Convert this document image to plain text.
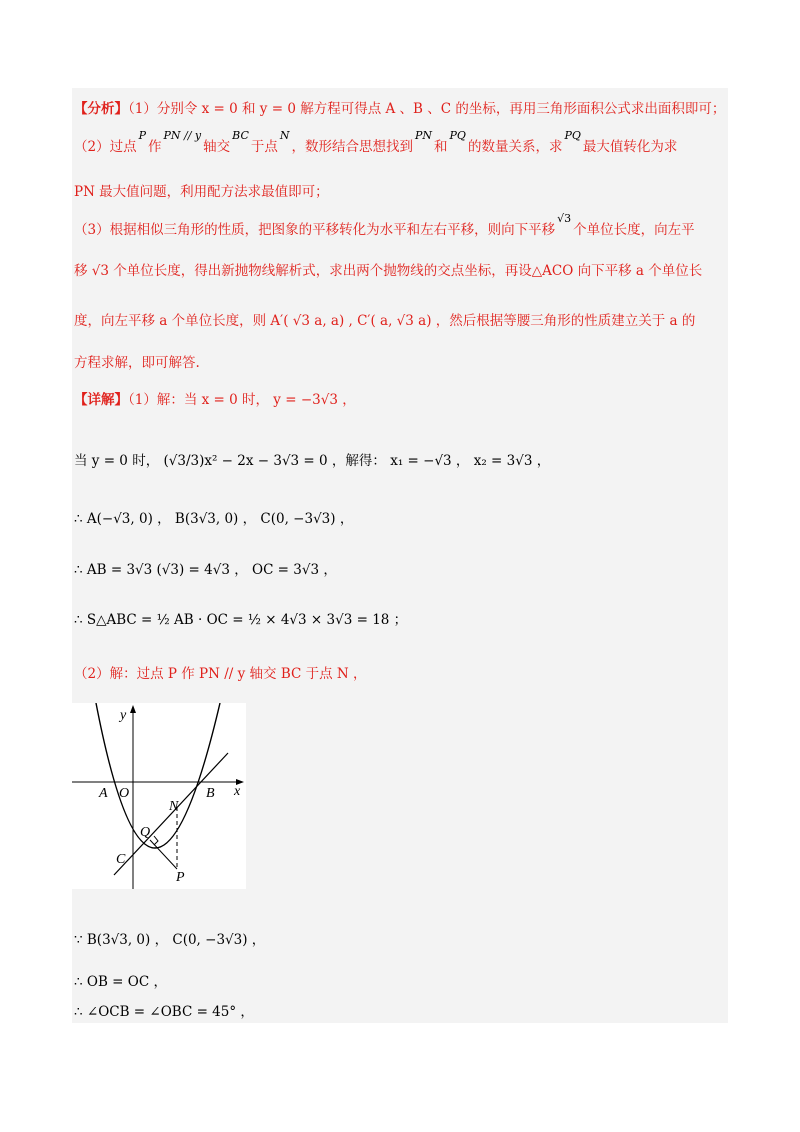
【分析】（1）分别令 x = 0 和 y = 0 解方程可得点 A 、B 、C 的坐标，再用三角形面积公式求出面积即可；
（2）过点$^P$作$^{PN // y}$轴交$^{BC}$于点$^N$，数形结合思想找到$^{PN}$和$^{PQ}$的数量关系，求$^{PQ}$最大值转化为求
PN 最大值问题，利用配方法求最值即可；
（3）根据相似三角形的性质，把图象的平移转化为水平和左右平移，则向下平移$^{√3}$个单位长度，向左平
移 √3 个单位长度，得出新抛物线解析式，求出两个抛物线的交点坐标，再设△ACO 向下平移 a 个单位长
度，向左平移 a 个单位长度，则 A′( √3 a, a) , C′( a, √3 a) ，然后根据等腰三角形的性质建立关于 a 的
方程求解，即可解答.
【详解】（1）解：当 x = 0 时， y = −3√3 ，
当 y = 0 时， (√3/3)x² − 2x − 3√3 = 0 ，解得： x₁ = −√3 ， x₂ = 3√3 ，
∴ A(−√3, 0) ， B(3√3, 0) ， C(0, −3√3) ，
∴ AB = 3√3 (√3) = 4√3 ， OC = 3√3 ，
∴ S△ABC = ½ AB · OC = ½ × 4√3 × 3√3 = 18 ；
（2）解：过点 P 作 PN // y 轴交 BC 于点 N ，
y
x
A O	B
N
Q
C
P
∵ B(3√3, 0) ， C(0, −3√3) ，
∴ OB = OC ，
∴ ∠OCB = ∠OBC = 45° ，
